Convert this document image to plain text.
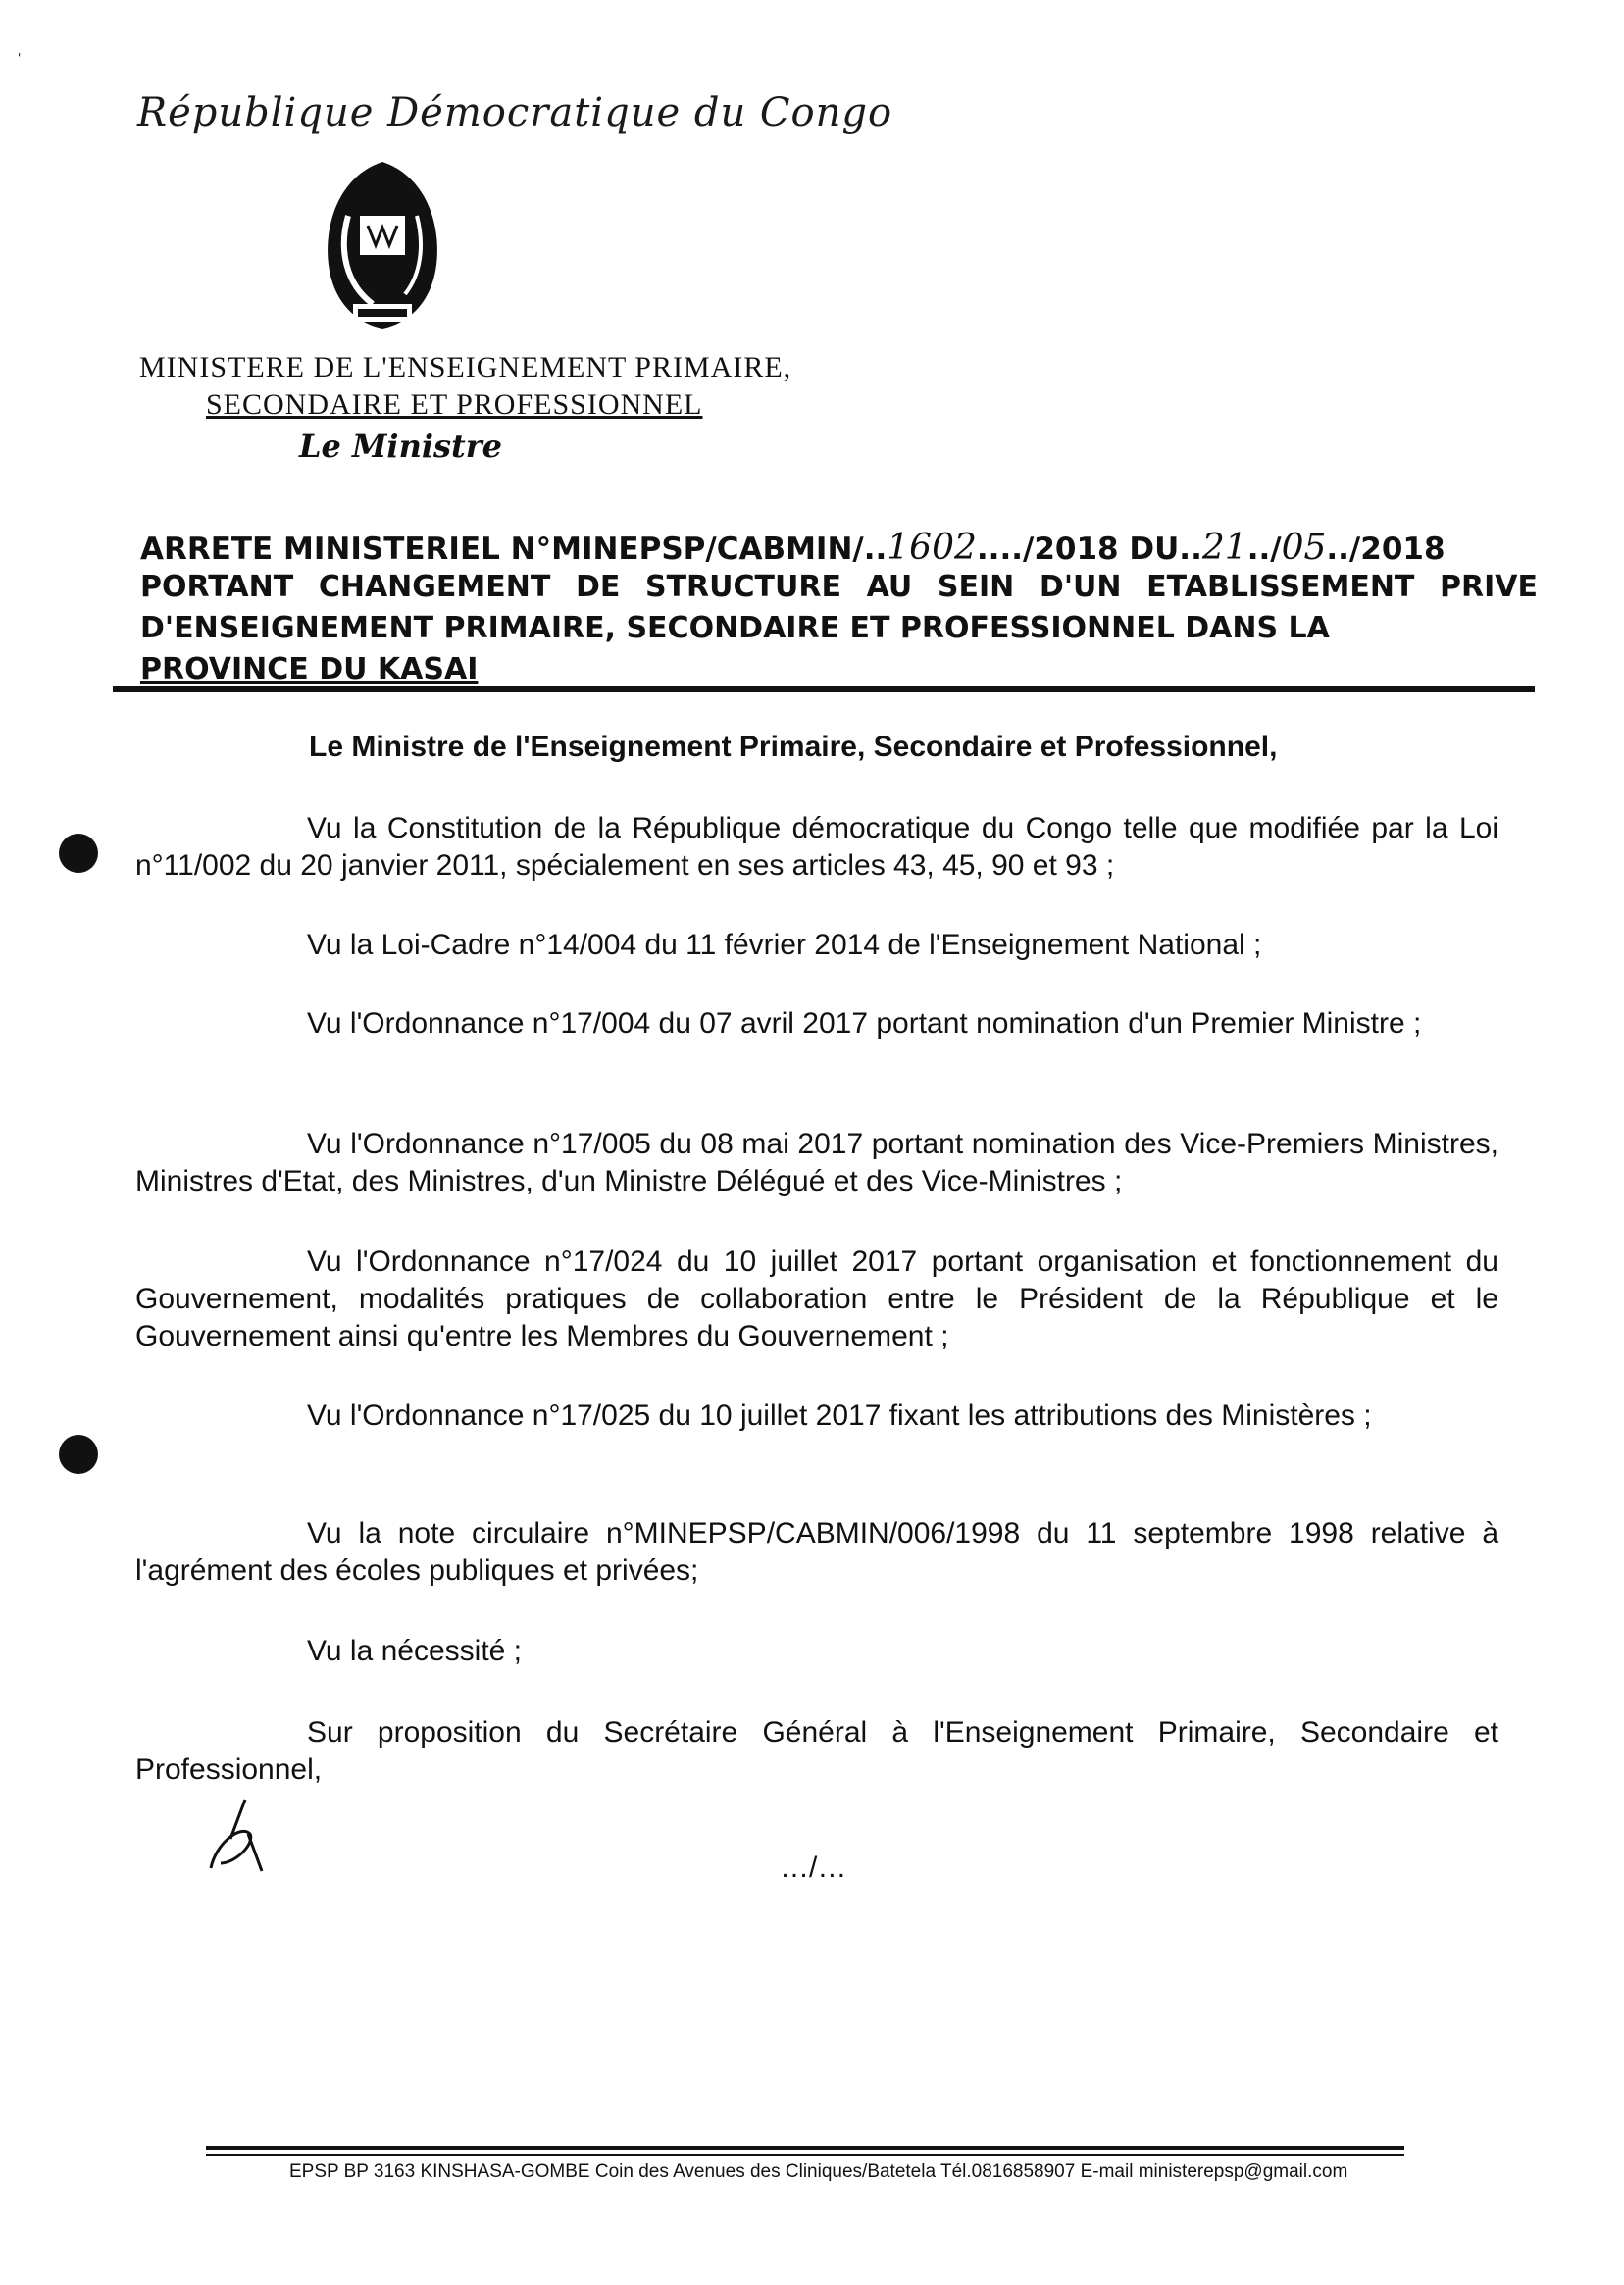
'
République Démocratique du Congo
MINISTERE DE L'ENSEIGNEMENT PRIMAIRE,
SECONDAIRE ET PROFESSIONNEL
Le Ministre
ARRETE MINISTERIEL N°MINEPSP/CABMIN/..1602..../2018 DU..21../05../2018
PORTANT CHANGEMENT DE STRUCTURE AU SEIN D'UN ETABLISSEMENT PRIVE D'ENSEIGNEMENT PRIMAIRE, SECONDAIRE ET PROFESSIONNEL DANS LA
PROVINCE DU KASAI
Le Ministre de l'Enseignement Primaire, Secondaire et Professionnel,
Vu la Constitution de la République démocratique du Congo telle que modifiée par la Loi n°11/002 du 20 janvier 2011, spécialement en ses articles 43, 45, 90 et 93 ;
Vu la Loi-Cadre n°14/004 du 11 février 2014 de l'Enseignement National ;
Vu l'Ordonnance n°17/004 du 07 avril 2017 portant nomination d'un Premier Ministre ;
Vu l'Ordonnance n°17/005 du 08 mai 2017 portant nomination des Vice-Premiers Ministres, Ministres d'Etat, des Ministres, d'un Ministre Délégué et des Vice-Ministres ;
Vu l'Ordonnance n°17/024 du 10 juillet 2017 portant organisation et fonctionnement du Gouvernement, modalités pratiques de collaboration entre le Président de la République et le Gouvernement ainsi qu'entre les Membres du Gouvernement ;
Vu l'Ordonnance n°17/025 du 10 juillet 2017 fixant les attributions des Ministères ;
Vu la note circulaire n°MINEPSP/CABMIN/006/1998 du 11 septembre 1998 relative à l'agrément des écoles publiques et privées;
Vu la nécessité ;
Sur proposition du Secrétaire Général à l'Enseignement Primaire, Secondaire et Professionnel,
…/…
EPSP BP 3163 KINSHASA-GOMBE Coin des Avenues des Cliniques/Batetela Tél.0816858907 E-mail ministerepsp@gmail.com
